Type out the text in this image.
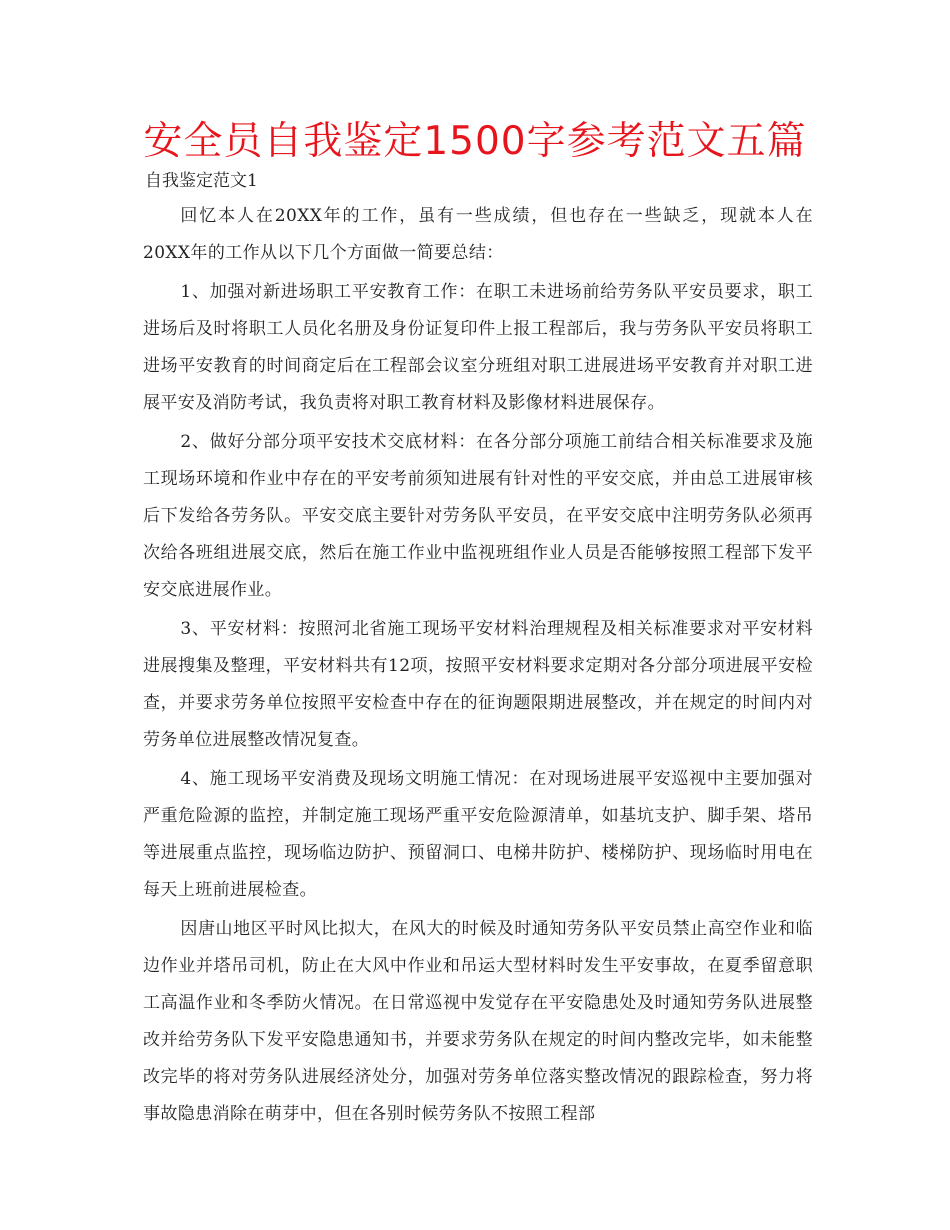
安全员自我鉴定1500字参考范文五篇
自我鉴定范文1

回忆本人在20XX年的工作，虽有一些成绩，但也存在一些缺乏，现就本人在20XX年的工作从以下几个方面做一简要总结：

1、加强对新进场职工平安教育工作：在职工未进场前给劳务队平安员要求，职工进场后及时将职工人员化名册及身份证复印件上报工程部后，我与劳务队平安员将职工进场平安教育的时间商定后在工程部会议室分班组对职工进展进场平安教育并对职工进展平安及消防考试，我负责将对职工教育材料及影像材料进展保存。

2、做好分部分项平安技术交底材料：在各分部分项施工前结合相关标准要求及施工现场环境和作业中存在的平安考前须知进展有针对性的平安交底，并由总工进展审核后下发给各劳务队。平安交底主要针对劳务队平安员，在平安交底中注明劳务队必须再次给各班组进展交底，然后在施工作业中监视班组作业人员是否能够按照工程部下发平安交底进展作业。

3、平安材料：按照河北省施工现场平安材料治理规程及相关标准要求对平安材料进展搜集及整理，平安材料共有12项，按照平安材料要求定期对各分部分项进展平安检查，并要求劳务单位按照平安检查中存在的征询题限期进展整改，并在规定的时间内对劳务单位进展整改情况复查。

4、施工现场平安消费及现场文明施工情况：在对现场进展平安巡视中主要加强对严重危险源的监控，并制定施工现场严重平安危险源清单，如基坑支护、脚手架、塔吊等进展重点监控，现场临边防护、预留洞口、电梯井防护、楼梯防护、现场临时用电在每天上班前进展检查。

因唐山地区平时风比拟大，在风大的时候及时通知劳务队平安员禁止高空作业和临边作业并塔吊司机，防止在大风中作业和吊运大型材料时发生平安事故，在夏季留意职工高温作业和冬季防火情况。在日常巡视中发觉存在平安隐患处及时通知劳务队进展整改并给劳务队下发平安隐患通知书，并要求劳务队在规定的时间内整改完毕，如未能整改完毕的将对劳务队进展经济处分，加强对劳务单位落实整改情况的跟踪检查，努力将事故隐患消除在萌芽中，但在各别时候劳务队不按照工程部
